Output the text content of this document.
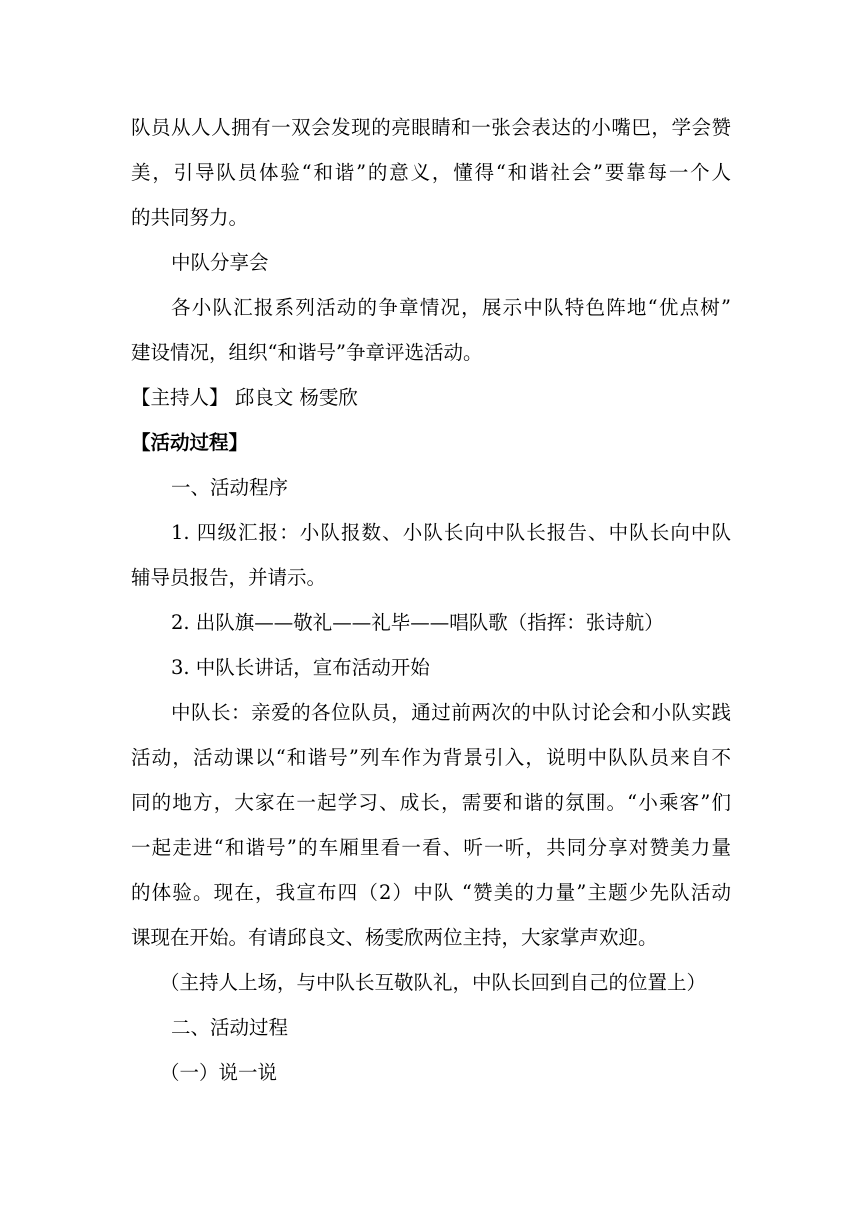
队员从人人拥有一双会发现的亮眼睛和一张会表达的小嘴巴，学会赞
美，引导队员体验“和谐”的意义，懂得“和谐社会”要靠每一个人
的共同努力。
中队分享会
各小队汇报系列活动的争章情况，展示中队特色阵地“优点树”
建设情况，组织“和谐号”争章评选活动。
【主持人】 邱良文 杨雯欣
【活动过程】
一、活动程序
1. 四级汇报：小队报数、小队长向中队长报告、中队长向中队
辅导员报告，并请示。
2. 出队旗——敬礼——礼毕——唱队歌（指挥：张诗航）
3. 中队长讲话，宣布活动开始
中队长：亲爱的各位队员，通过前两次的中队讨论会和小队实践
活动，活动课以“和谐号”列车作为背景引入，说明中队队员来自不
同的地方，大家在一起学习、成长，需要和谐的氛围。“小乘客”们
一起走进“和谐号”的车厢里看一看、听一听，共同分享对赞美力量
的体验。现在，我宣布四（2）中队 “赞美的力量”主题少先队活动
课现在开始。有请邱良文、杨雯欣两位主持，大家掌声欢迎。
（主持人上场，与中队长互敬队礼，中队长回到自己的位置上）
二、活动过程
（一）说一说
